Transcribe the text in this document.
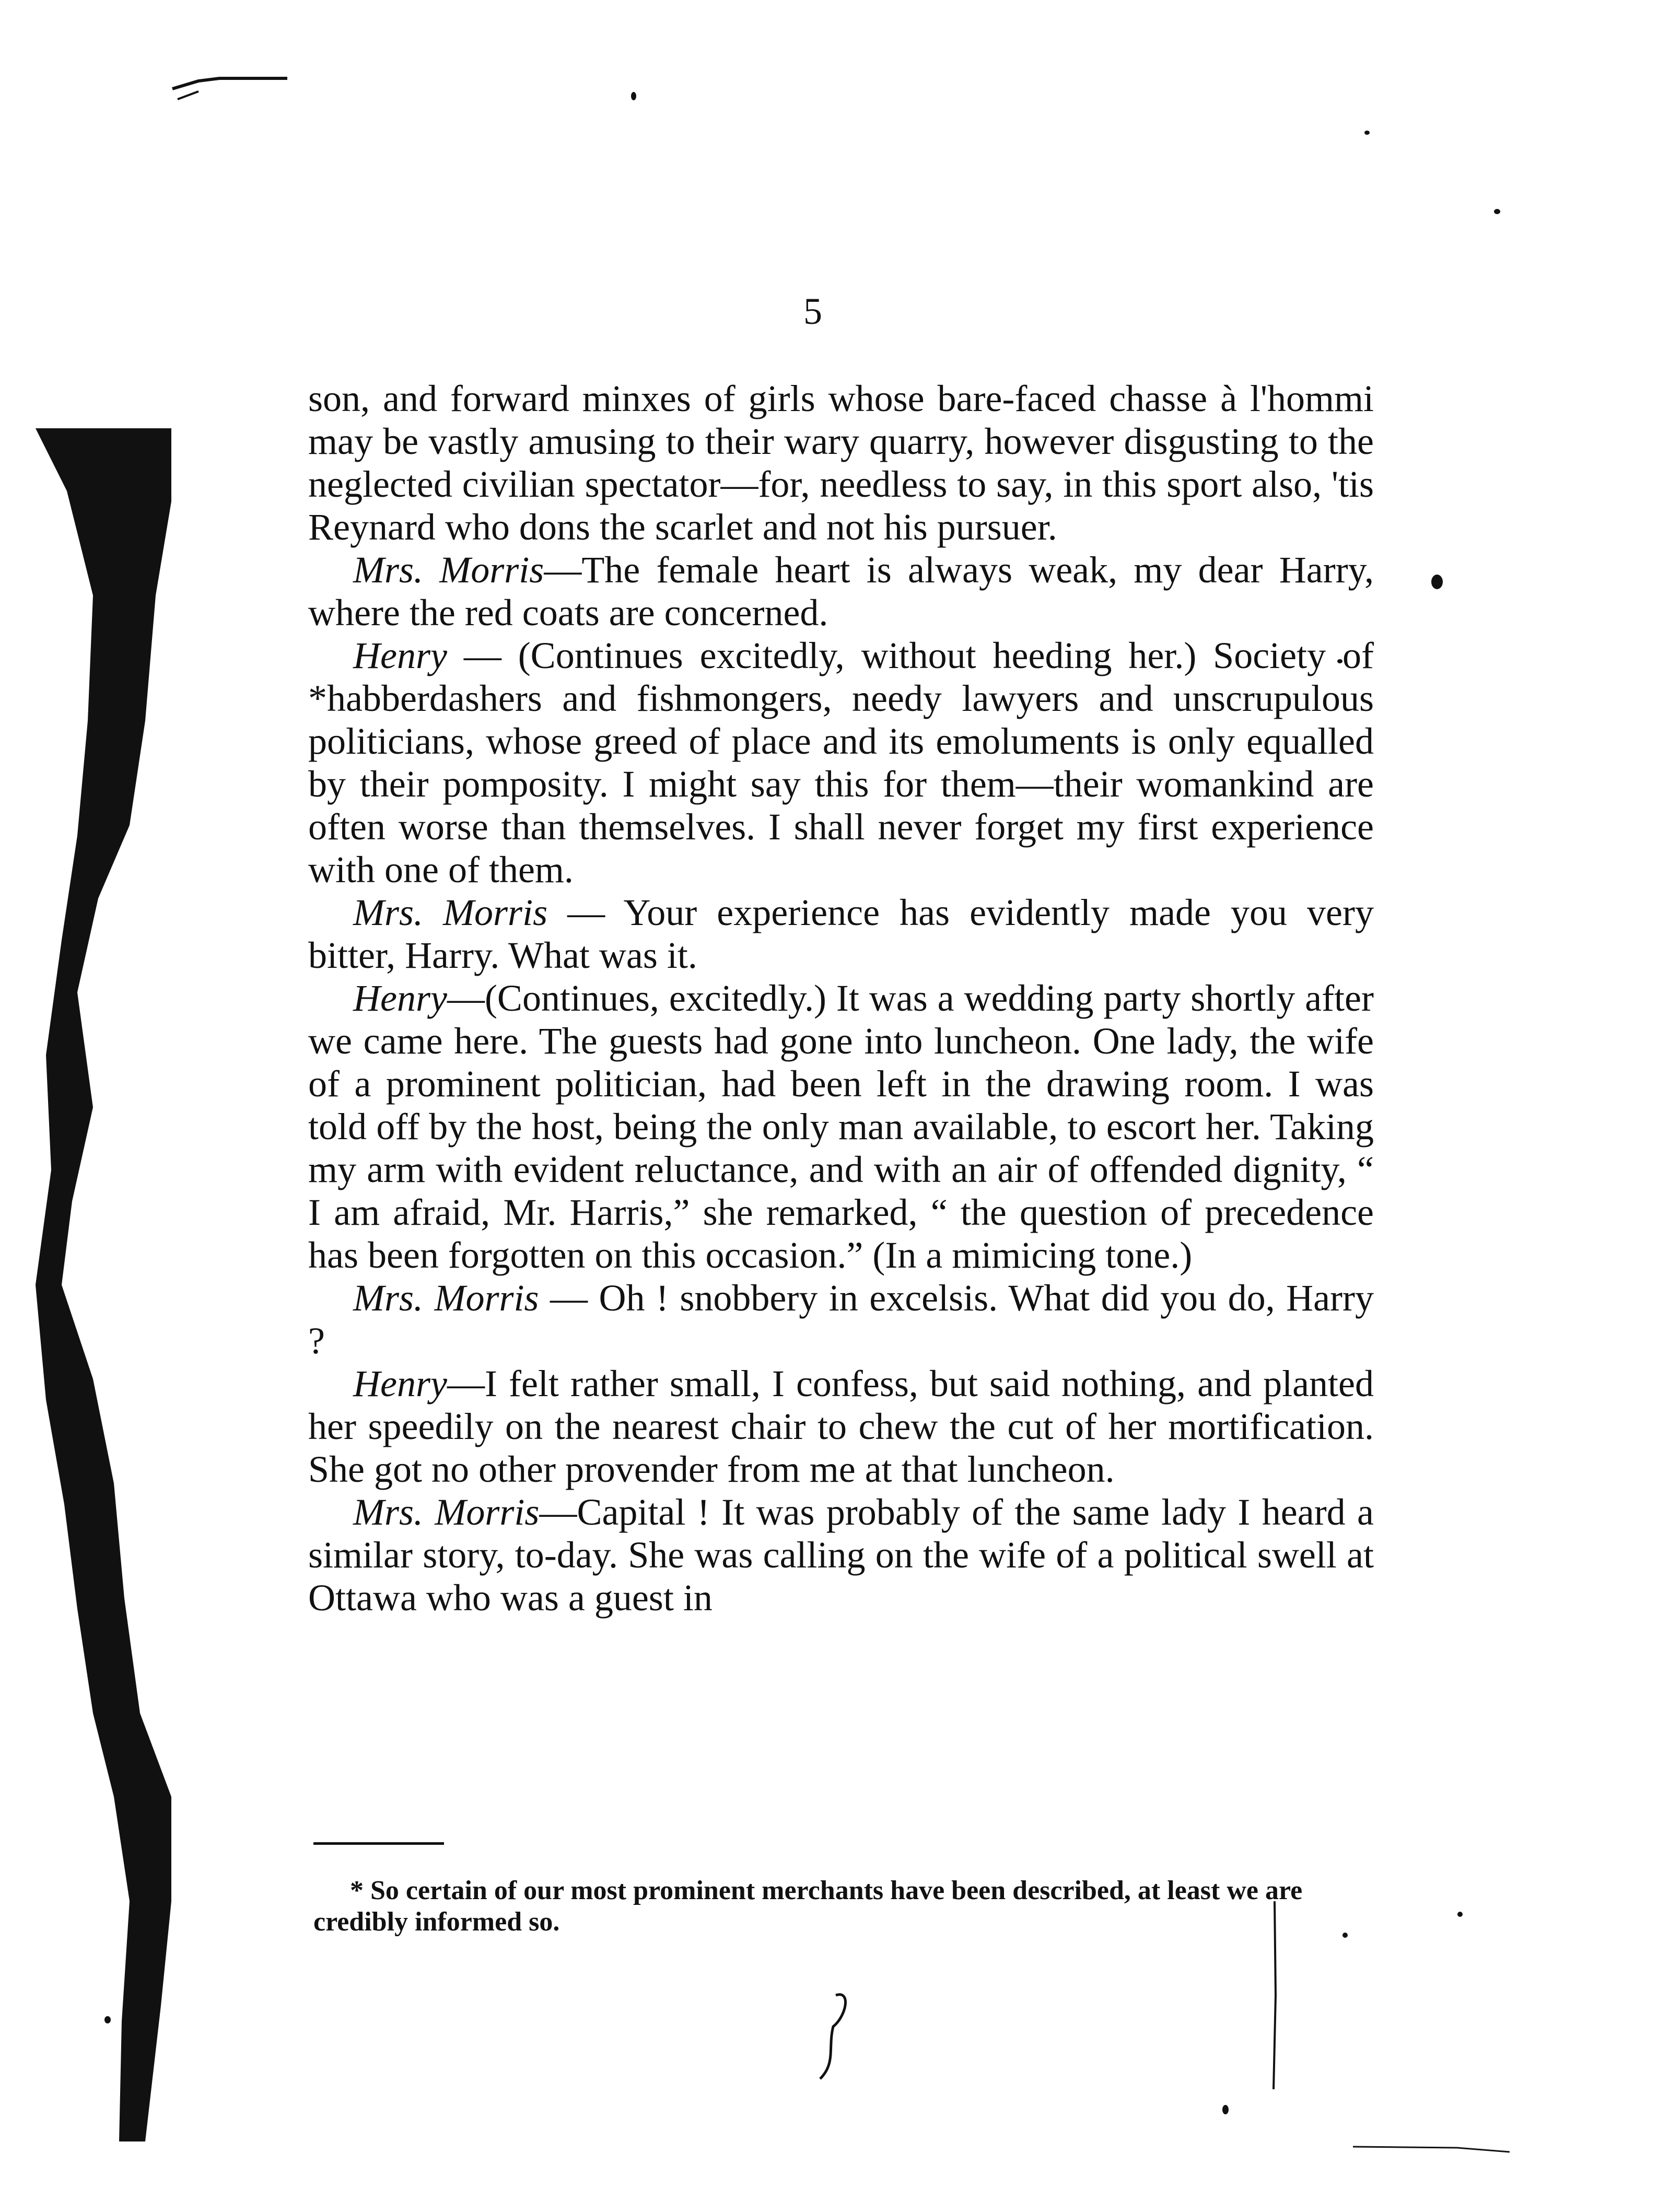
5

son, and forward minxes of girls whose bare-faced chasse à l'hommi may be vastly amusing to their wary quarry, however disgusting to the neglected civilian spectator—for, needless to say, in this sport also, 'tis Reynard who dons the scarlet and not his pursuer.

Mrs. Morris—The female heart is always weak, my dear Harry, where the red coats are concerned.

Henry — (Continues excitedly, without heeding her.) Society of *habberdashers and fishmongers, needy lawyers and unscrupulous politicians, whose greed of place and its emoluments is only equalled by their pomposity. I might say this for them—their womankind are often worse than themselves. I shall never forget my first experience with one of them.

Mrs. Morris — Your experience has evidently made you very bitter, Harry. What was it.

Henry—(Continues, excitedly.) It was a wedding party shortly after we came here. The guests had gone into luncheon. One lady, the wife of a prominent politician, had been left in the drawing room. I was told off by the host, being the only man available, to escort her. Taking my arm with evident reluctance, and with an air of offended dignity, “ I am afraid, Mr. Harris,” she remarked, “ the question of precedence has been forgotten on this occasion.” (In a mimicing tone.)

Mrs. Morris — Oh ! snobbery in excelsis. What did you do, Harry ?

Henry—I felt rather small, I confess, but said nothing, and planted her speedily on the nearest chair to chew the cut of her mortification. She got no other provender from me at that luncheon.

Mrs. Morris—Capital ! It was probably of the same lady I heard a similar story, to-day. She was calling on the wife of a political swell at Ottawa who was a guest in

* So certain of our most prominent merchants have been described, at least we are credibly informed so.
